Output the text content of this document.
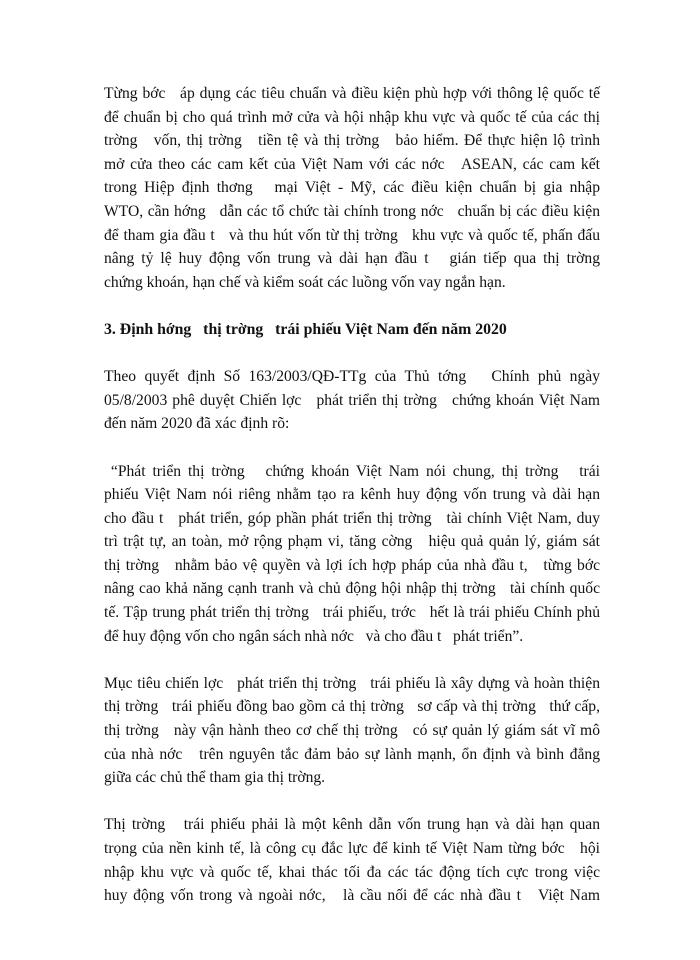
Từng bớc   áp dụng các tiêu chuẩn và điều kiện phù hợp với thông lệ quốc tế
để chuẩn bị cho quá trình mở cửa và hội nhập khu vực và quốc tế của các thị
trờng   vốn, thị trờng   tiền tệ và thị trờng   bảo hiểm. Để thực hiện lộ trình
mở cửa theo các cam kết của Việt Nam với các nớc   ASEAN, các cam kết
trong Hiệp định thơng   mại Việt - Mỹ, các điều kiện chuẩn bị gia nhập
WTO, cần hớng   dẫn các tổ chức tài chính trong nớc   chuẩn bị các điều kiện
để tham gia đầu t   và thu hút vốn từ thị trờng   khu vực và quốc tế, phấn đấu
nâng tỷ lệ huy động vốn trung và dài hạn đầu t   gián tiếp qua thị trờng
chứng khoán, hạn chế và kiểm soát các luồng vốn vay ngắn hạn.

3. Định hớng   thị trờng   trái phiếu Việt Nam đến năm 2020

Theo quyết định Số 163/2003/QĐ-TTg của Thủ tớng   Chính phủ ngày
05/8/2003 phê duyệt Chiến lợc   phát triển thị trờng   chứng khoán Việt Nam
đến năm 2020 đã xác định rõ:

“Phát triển thị trờng   chứng khoán Việt Nam nói chung, thị trờng   trái
phiếu Việt Nam nói riêng nhằm tạo ra kênh huy động vốn trung và dài hạn
cho đầu t   phát triển, góp phần phát triển thị trờng   tài chính Việt Nam, duy
trì trật tự, an toàn, mở rộng phạm vi, tăng cờng   hiệu quả quản lý, giám sát
thị trờng   nhằm bảo vệ quyền và lợi ích hợp pháp của nhà đầu t,   từng bớc
nâng cao khả năng cạnh tranh và chủ động hội nhập thị trờng   tài chính quốc
tế. Tập trung phát triển thị trờng   trái phiếu, trớc   hết là trái phiếu Chính phủ
để huy động vốn cho ngân sách nhà nớc   và cho đầu t   phát triển”.

Mục tiêu chiến lợc   phát triển thị trờng   trái phiếu là xây dựng và hoàn thiện
thị trờng   trái phiếu đồng bao gồm cả thị trờng   sơ cấp và thị trờng   thứ cấp,
thị trờng   này vận hành theo cơ chế thị trờng   có sự quản lý giám sát vĩ mô
của nhà nớc   trên nguyên tắc đảm bảo sự lành mạnh, ổn định và bình đẳng
giữa các chủ thể tham gia thị trờng.

Thị trờng   trái phiếu phải là một kênh dẫn vốn trung hạn và dài hạn quan
trọng của nền kinh tế, là công cụ đắc lực để kinh tế Việt Nam từng bớc   hội
nhập khu vực và quốc tế, khai thác tối đa các tác động tích cực trong việc
huy động vốn trong và ngoài nớc,   là cầu nối để các nhà đầu t   Việt Nam
